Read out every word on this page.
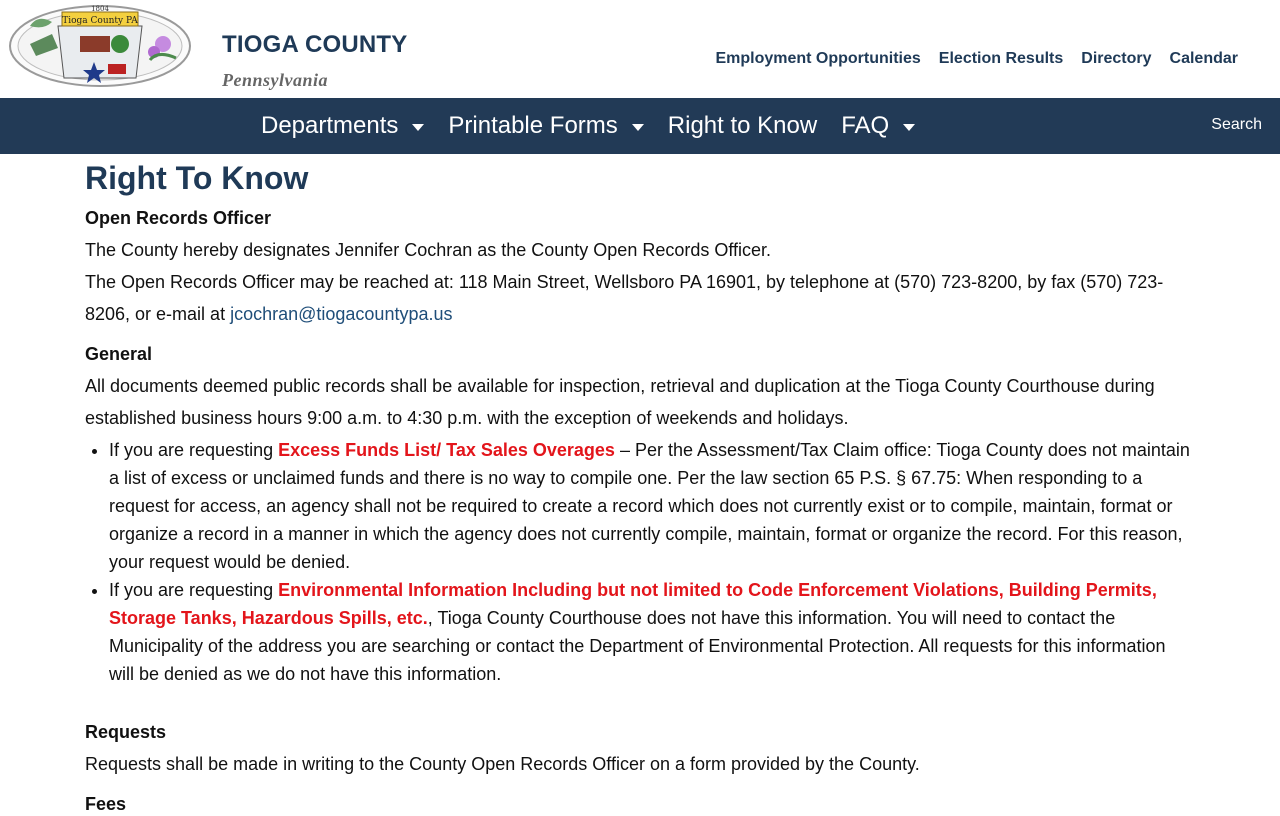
1804
Tioga County PA
TIOGA COUNTY
Pennsylvania
Employment Opportunities Election Results Directory Calendar
Departments Printable Forms Right to Know FAQ	Search
Right To Know
Open Records Officer

The County hereby designates Jennifer Cochran as the County Open Records Officer.

The Open Records Officer may be reached at: 118 Main Street, Wellsboro PA 16901, by telephone at (570) 723-8200, by fax (570) 723-8206, or e-mail at jcochran@tiogacountypa.us

General

All documents deemed public records shall be available for inspection, retrieval and duplication at the Tioga County Courthouse during established business hours 9:00 a.m. to 4:30 p.m. with the exception of weekends and holidays.

• If you are requesting Excess Funds List/ Tax Sales Overages – Per the Assessment/Tax Claim office: Tioga County does not maintain a list of excess or unclaimed funds and there is no way to compile one. Per the law section 65 P.S. § 67.75: When responding to a request for access, an agency shall not be required to create a record which does not currently exist or to compile, maintain, format or organize a record in a manner in which the agency does not currently compile, maintain, format or organize the record. For this reason, your request would be denied.
• If you are requesting Environmental Information Including but not limited to Code Enforcement Violations, Building Permits, Storage Tanks, Hazardous Spills, etc., Tioga County Courthouse does not have this information. You will need to contact the Municipality of the address you are searching or contact the Department of Environmental Protection. All requests for this information will be denied as we do not have this information.
Requests

Requests shall be made in writing to the County Open Records Officer on a form provided by the County.

Fees
